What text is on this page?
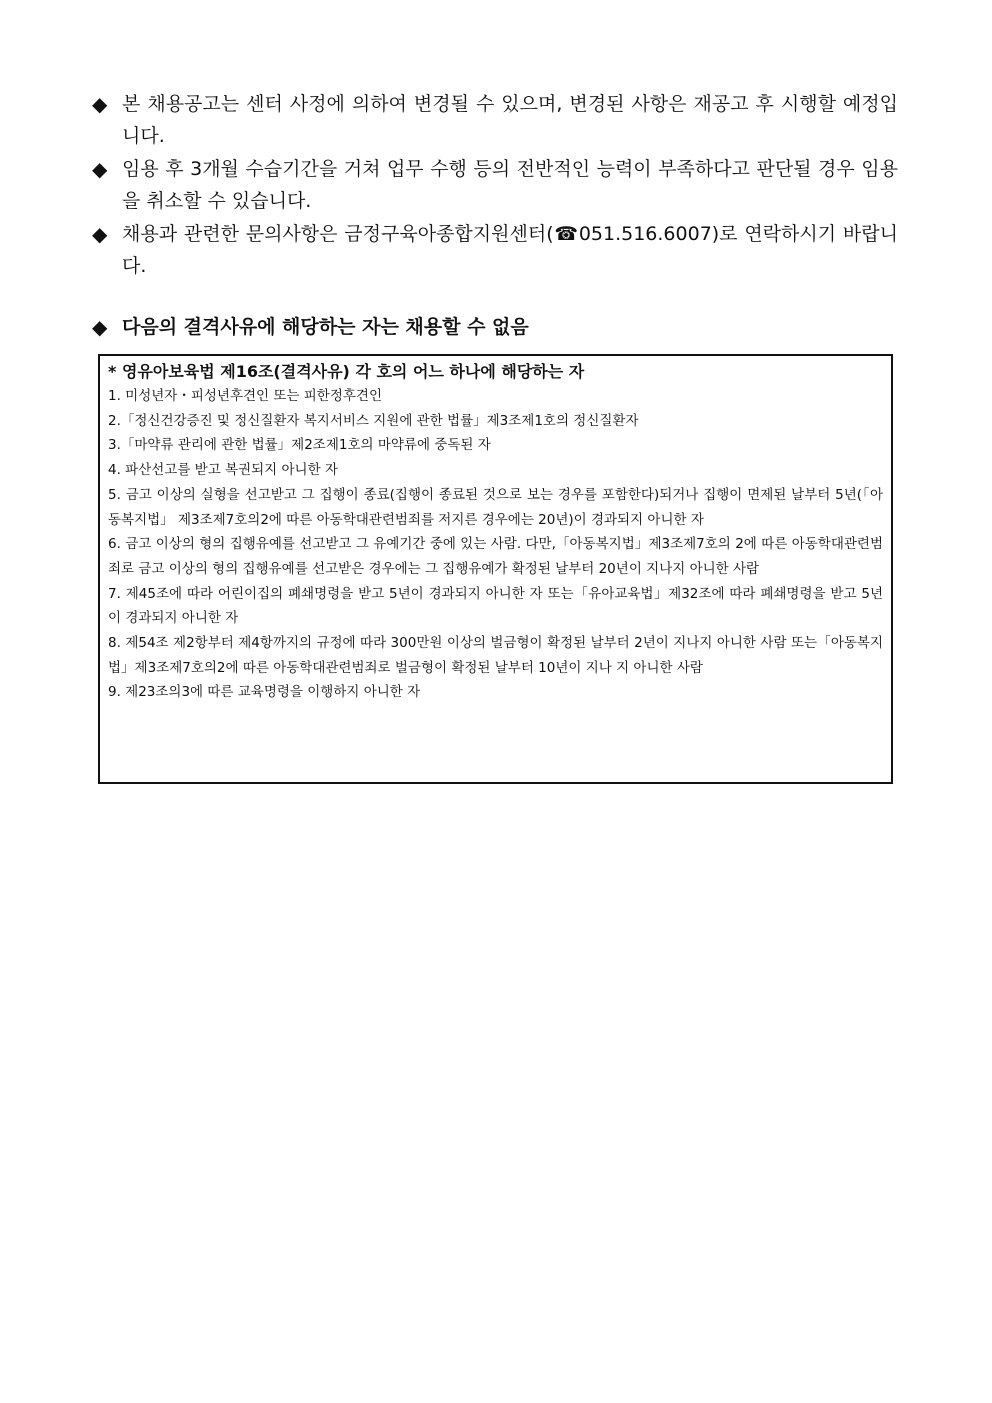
◆ 본 채용공고는 센터 사정에 의하여 변경될 수 있으며, 변경된 사항은 재공고 후 시행할 예정입니다.
◆ 임용 후 3개월 수습기간을 거쳐 업무 수행 등의 전반적인 능력이 부족하다고 판단될 경우 임용을 취소할 수 있습니다.
◆ 채용과 관련한 문의사항은 금정구육아종합지원센터(☎051.516.6007)로 연락하시기 바랍니다.
◆ 다음의 결격사유에 해당하는 자는 채용할 수 없음

* 영유아보육법 제16조(결격사유) 각 호의 어느 하나에 해당하는 자

1. 미성년자・피성년후견인 또는 피한정후견인

2.「정신건강증진 및 정신질환자 복지서비스 지원에 관한 법률」제3조제1호의 정신질환자

3.「마약류 관리에 관한 법률」제2조제1호의 마약류에 중독된 자

4. 파산선고를 받고 복권되지 아니한 자

5. 금고 이상의 실형을 선고받고 그 집행이 종료(집행이 종료된 것으로 보는 경우를 포함한다)되거나 집행이 면제된 날부터 5년(「아동복지법」 제3조제7호의2에 따른 아동학대관련범죄를 저지른 경우에는 20년)이 경과되지 아니한 자

6. 금고 이상의 형의 집행유예를 선고받고 그 유예기간 중에 있는 사람. 다만,「아동복지법」제3조제7호의 2에 따른 아동학대관련범죄로 금고 이상의 형의 집행유예를 선고받은 경우에는 그 집행유예가 확정된 날부터 20년이 지나지 아니한 사람

7. 제45조에 따라 어린이집의 폐쇄명령을 받고 5년이 경과되지 아니한 자 또는「유아교육법」제32조에 따라 폐쇄명령을 받고 5년이 경과되지 아니한 자

8. 제54조 제2항부터 제4항까지의 규정에 따라 300만원 이상의 벌금형이 확정된 날부터 2년이 지나지 아니한 사람 또는「아동복지법」제3조제7호의2에 따른 아동학대관련범죄로 벌금형이 확정된 날부터 10년이 지나 지 아니한 사람

9. 제23조의3에 따른 교육명령을 이행하지 아니한 자
